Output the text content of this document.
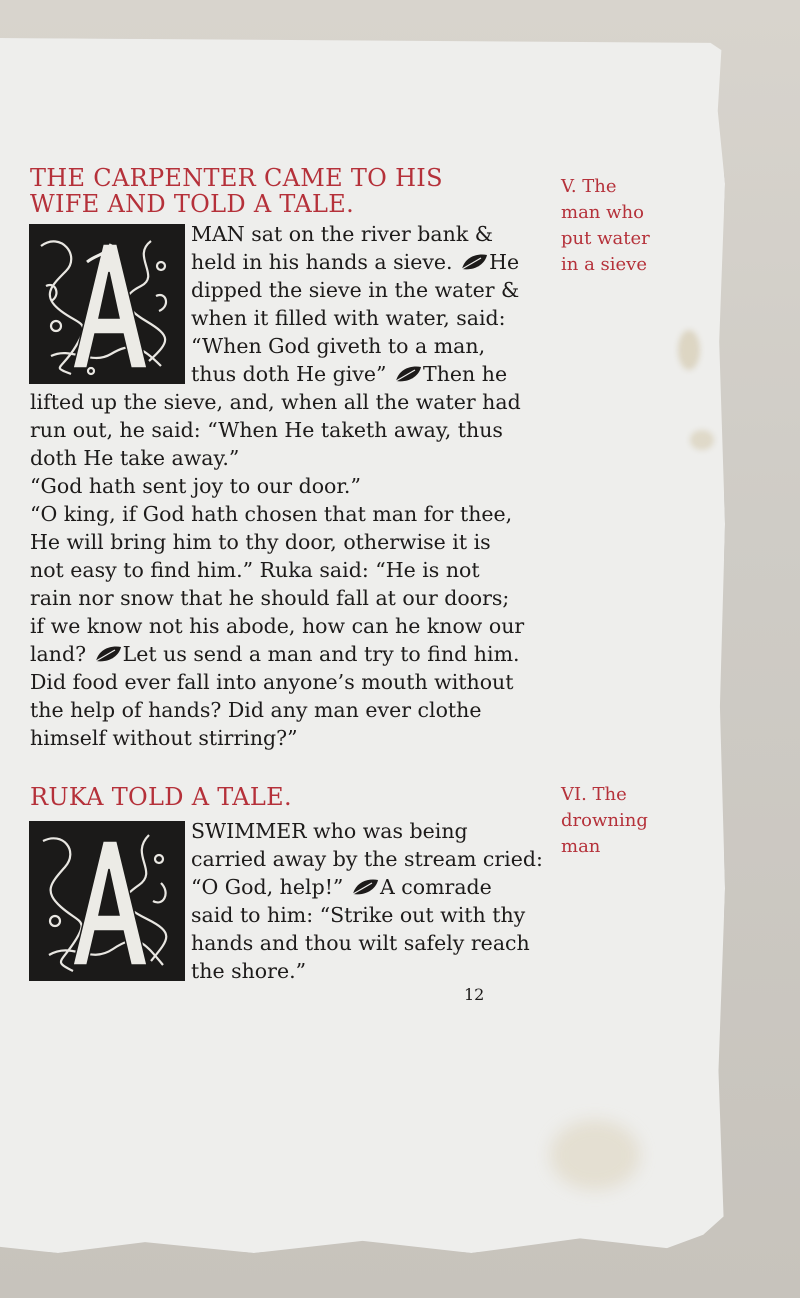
THE CARPENTER CAME TO HIS
WIFE AND TOLD A TALE.
V. The
man who
put water
in a sieve
MAN sat on the river bank &
held in his hands a sieve. He
dipped the sieve in the water &
when it filled with water, said:
“When God giveth to a man,
thus doth He give” Then he
lifted up the sieve, and, when all the water had
run out, he said: “When He taketh away, thus
doth He take away.”
“God hath sent joy to our door.”
“O king, if God hath chosen that man for thee,
He will bring him to thy door, otherwise it is
not easy to find him.” Ruka said: “He is not
rain nor snow that he should fall at our doors;
if we know not his abode, how can he know our
land? Let us send a man and try to find him.
Did food ever fall into anyone’s mouth without
the help of hands? Did any man ever clothe
himself without stirring?”
RUKA TOLD A TALE.	VI. The
drowning
man
SWIMMER who was being
carried away by the stream cried:
“O God, help!” A comrade
said to him: “Strike out with thy
hands and thou wilt safely reach
the shore.”
12
